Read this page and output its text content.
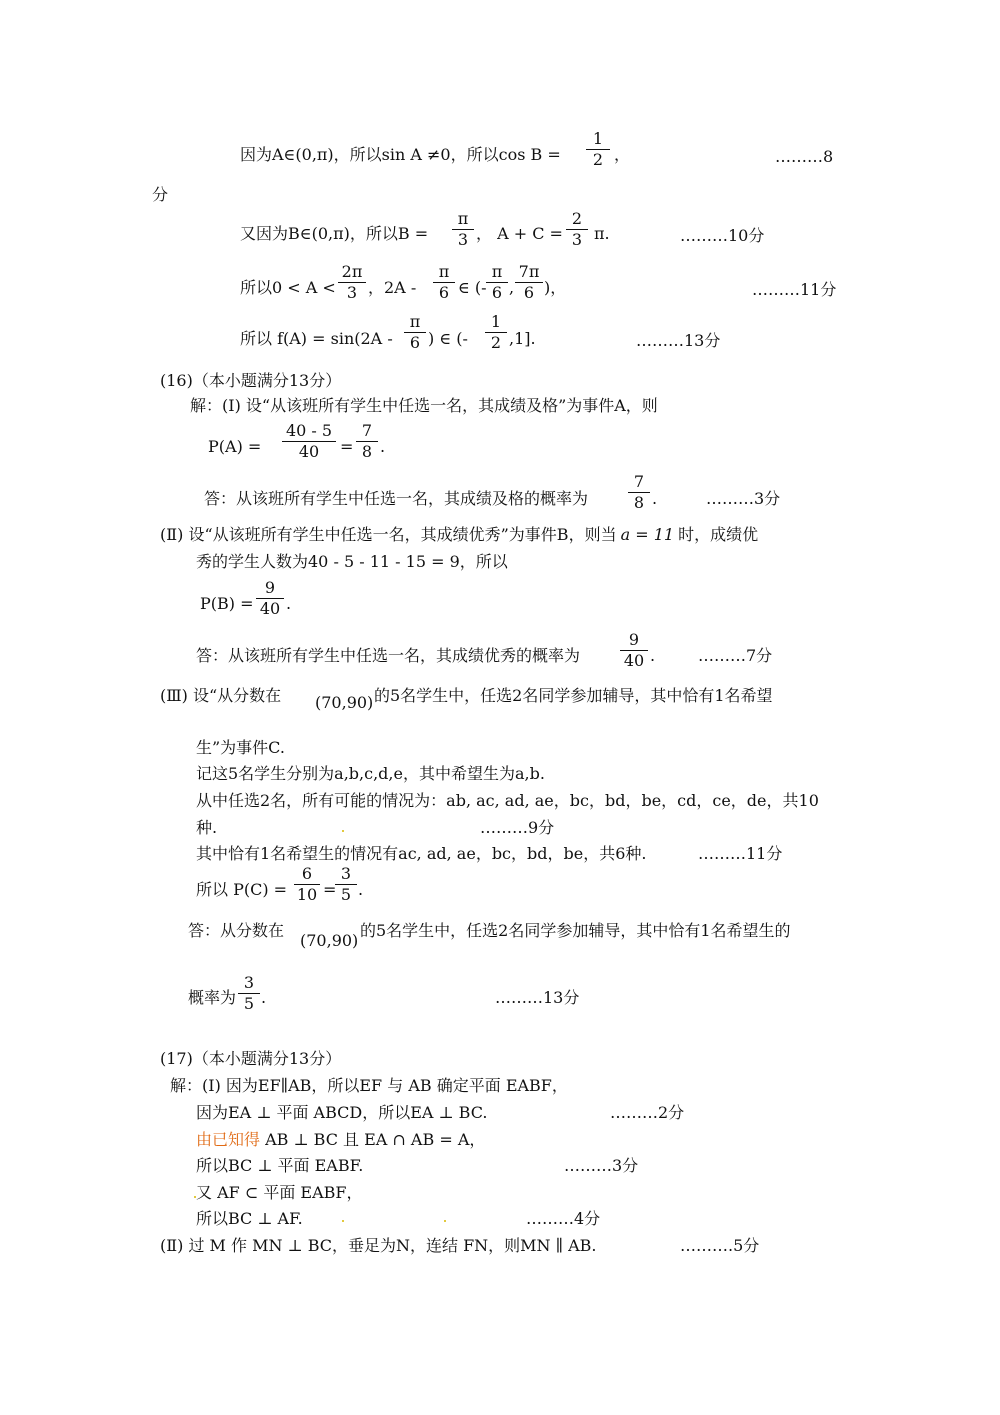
因为A∈(0,π)，所以sin A ≠0，所以cos B =
1
2 ，	………8
分
又因为B∈(0,π)，所以B =
π
3 ， A + C =
2
3 π.	………10分
所以0 < A <
2π
3 ，2A -
π
6 ∈ (-
π
6 ,
7π
6 )，	………11分
所以 f(A) = sin(2A -
π
6 ) ∈ (-
1
2 ,1].	………13分
(16)（本小题满分13分）
解：(Ⅰ) 设“从该班所有学生中任选一名，其成绩及格”为事件A，则
P(A) =
40 - 5
40	=
7
8 .
答：从该班所有学生中任选一名，其成绩及格的概率为
7
8 .	………3分
(Ⅱ) 设“从该班所有学生中任选一名，其成绩优秀”为事件B，则当 a = 11 时，成绩优
秀的学生人数为40 - 5 - 11 - 15 = 9，所以
P(B) =
9
40 .
答：从该班所有学生中任选一名，其成绩优秀的概率为
9
40 .	………7分
(Ⅲ) 设“从分数在 (70,90) 的5名学生中，任选2名同学参加辅导，其中恰有1名希望
生”为事件C.
记这5名学生分别为a,b,c,d,e，其中希望生为a,b.
从中任选2名，所有可能的情况为：ab, ac, ad, ae，bc，bd，be，cd，ce，de，共10
种.	………9分
其中恰有1名希望生的情况有ac, ad, ae，bc，bd，be，共6种.	………11分
所以 P(C) =
6
10 =
3
5 .
答：从分数在
(70,90)
的5名学生中，任选2名同学参加辅导，其中恰有1名希望生的
概率为
3
5 .	………13分
(17)（本小题满分13分）
解：(Ⅰ) 因为EF∥AB，所以EF 与 AB 确定平面 EABF，
因为EA ⊥ 平面 ABCD，所以EA ⊥ BC.	………2分
由已知得 AB ⊥ BC 且 EA ∩ AB = A，
所以BC ⊥ 平面 EABF.	………3分
又 AF ⊂ 平面 EABF，
所以BC ⊥ AF.	………4分
(Ⅱ) 过 M 作 MN ⊥ BC，垂足为N，连结 FN，则MN ∥ AB.	……….5分
